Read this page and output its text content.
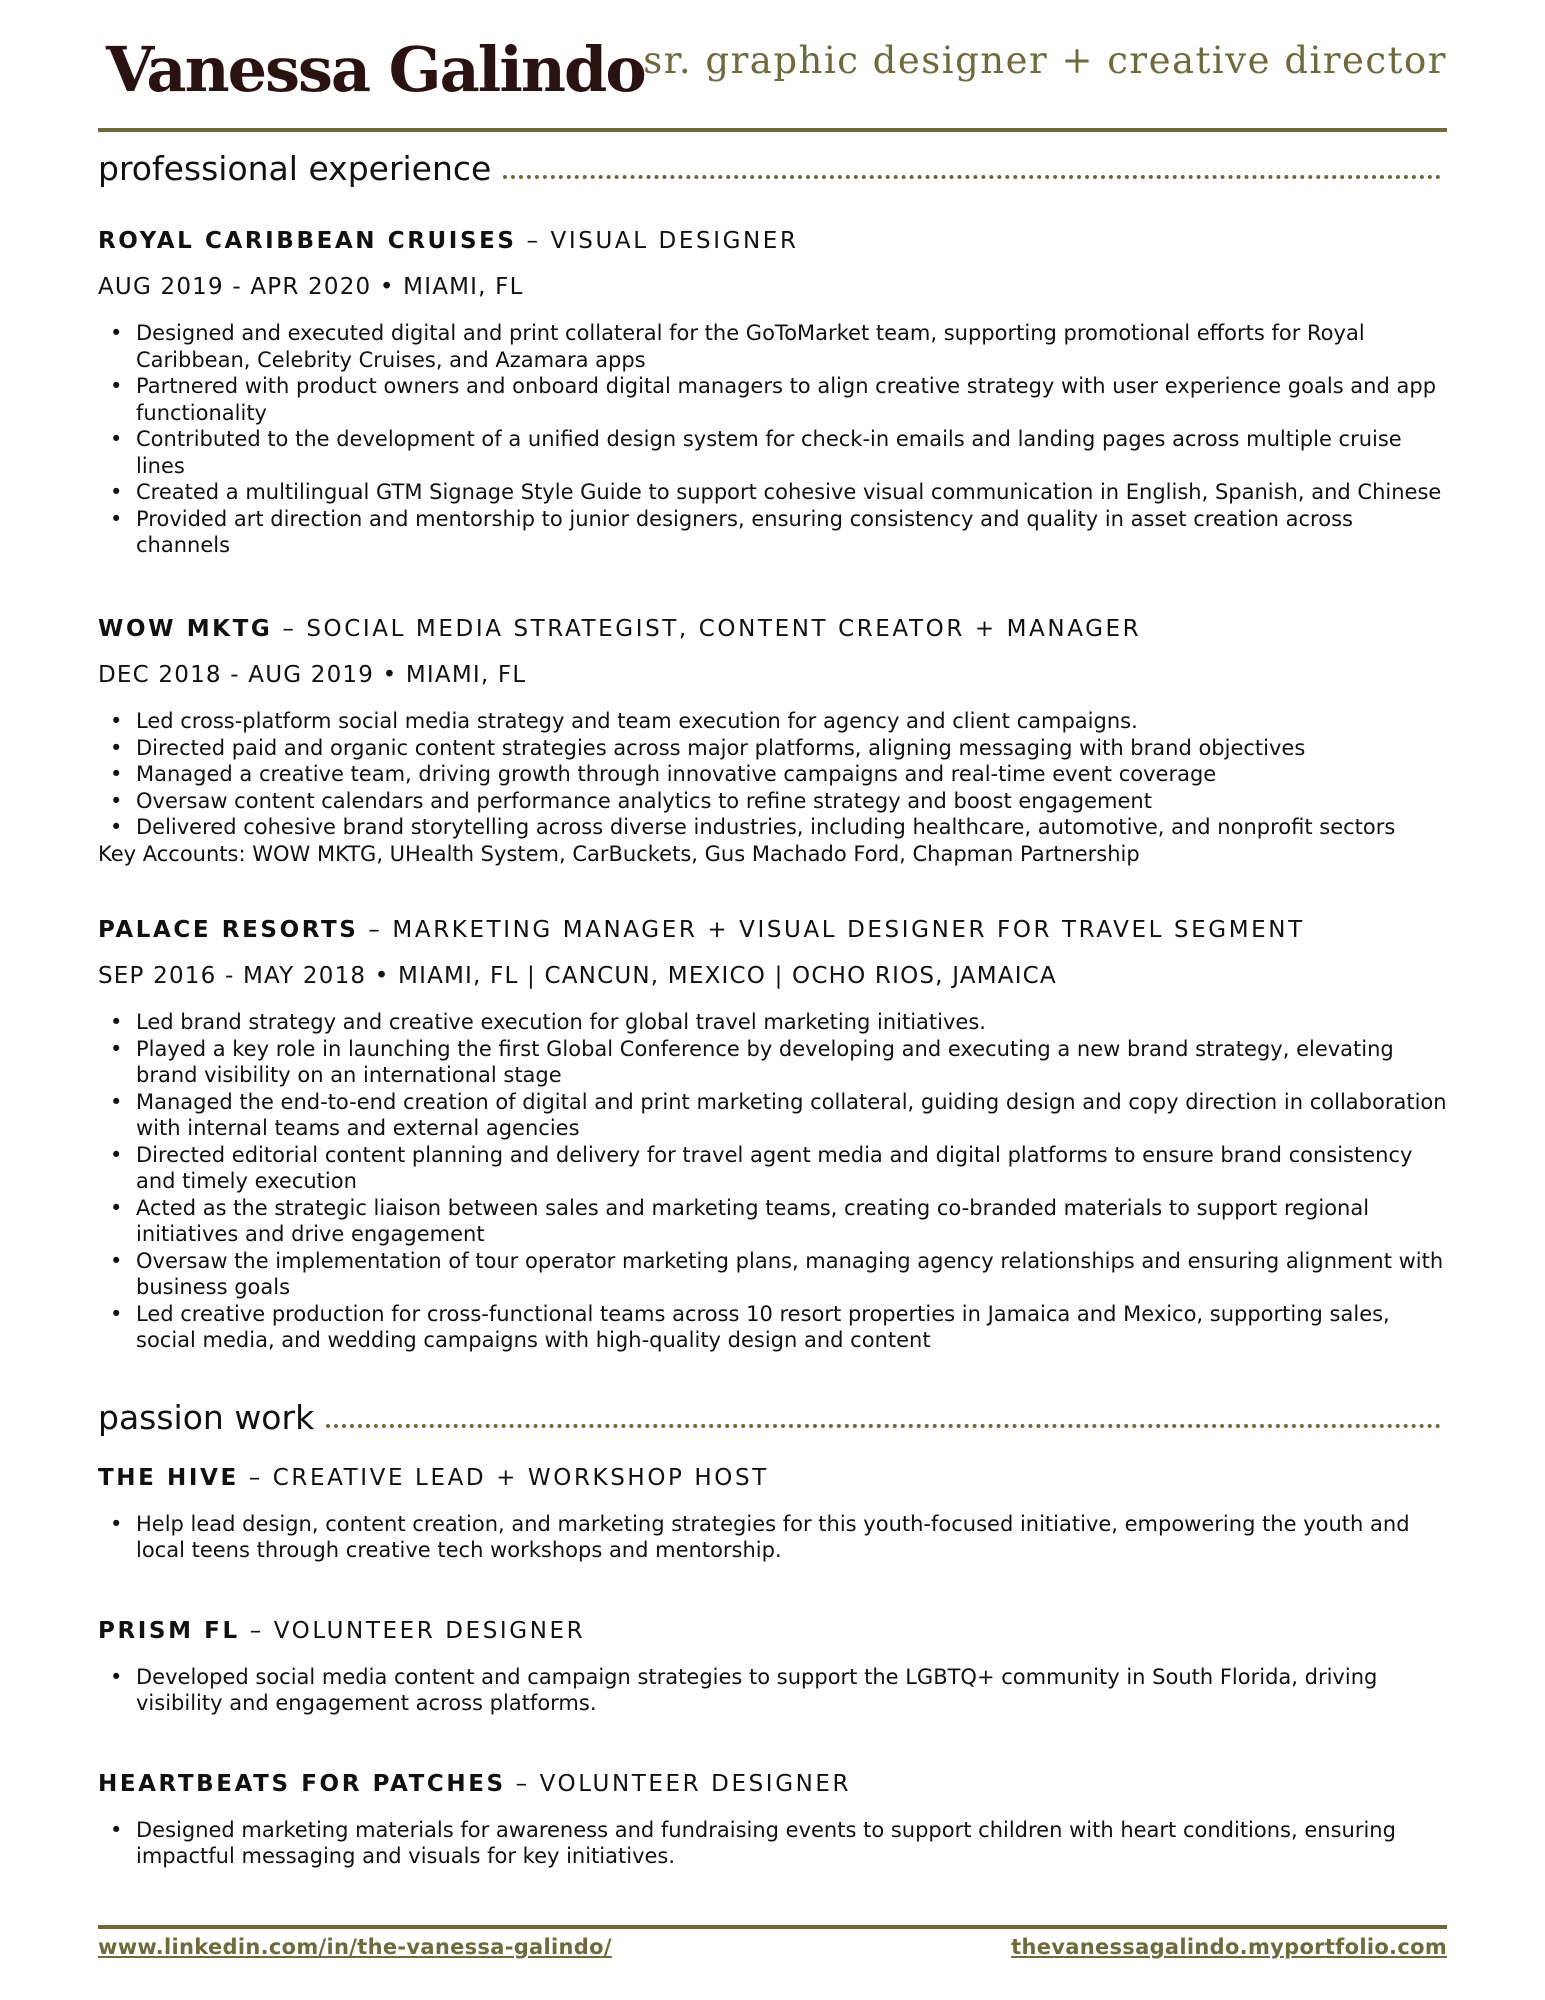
Vanessa Galindo

sr. graphic designer + creative director

professional experience
ROYAL CARIBBEAN CRUISES – VISUAL DESIGNER
AUG 2019 - APR 2020 • MIAMI, FL
• Designed and executed digital and print collateral for the GoToMarket team, supporting promotional efforts for Royal Caribbean, Celebrity Cruises, and Azamara apps
• Partnered with product owners and onboard digital managers to align creative strategy with user experience goals and app functionality
• Contributed to the development of a unified design system for check-in emails and landing pages across multiple cruise lines
• Created a multilingual GTM Signage Style Guide to support cohesive visual communication in English, Spanish, and Chinese
• Provided art direction and mentorship to junior designers, ensuring consistency and quality in asset creation across channels
WOW MKTG – SOCIAL MEDIA STRATEGIST, CONTENT CREATOR + MANAGER
DEC 2018 - AUG 2019 • MIAMI, FL
• Led cross-platform social media strategy and team execution for agency and client campaigns.
• Directed paid and organic content strategies across major platforms, aligning messaging with brand objectives
• Managed a creative team, driving growth through innovative campaigns and real-time event coverage
• Oversaw content calendars and performance analytics to refine strategy and boost engagement
• Delivered cohesive brand storytelling across diverse industries, including healthcare, automotive, and nonprofit sectors
Key Accounts: WOW MKTG, UHealth System, CarBuckets, Gus Machado Ford, Chapman Partnership
PALACE RESORTS – MARKETING MANAGER + VISUAL DESIGNER FOR TRAVEL SEGMENT
SEP 2016 - MAY 2018 • MIAMI, FL | CANCUN, MEXICO | OCHO RIOS, JAMAICA
• Led brand strategy and creative execution for global travel marketing initiatives.
• Played a key role in launching the first Global Conference by developing and executing a new brand strategy, elevating brand visibility on an international stage
• Managed the end-to-end creation of digital and print marketing collateral, guiding design and copy direction in collaboration with internal teams and external agencies
• Directed editorial content planning and delivery for travel agent media and digital platforms to ensure brand consistency and timely execution
• Acted as the strategic liaison between sales and marketing teams, creating co-branded materials to support regional initiatives and drive engagement
• Oversaw the implementation of tour operator marketing plans, managing agency relationships and ensuring alignment with business goals
• Led creative production for cross-functional teams across 10 resort properties in Jamaica and Mexico, supporting sales, social media, and wedding campaigns with high-quality design and content
passion work
THE HIVE – CREATIVE LEAD + WORKSHOP HOST
• Help lead design, content creation, and marketing strategies for this youth-focused initiative, empowering the youth and local teens through creative tech workshops and mentorship.
PRISM FL – VOLUNTEER DESIGNER
• Developed social media content and campaign strategies to support the LGBTQ+ community in South Florida, driving visibility and engagement across platforms.
HEARTBEATS FOR PATCHES – VOLUNTEER DESIGNER
• Designed marketing materials for awareness and fundraising events to support children with heart conditions, ensuring impactful messaging and visuals for key initiatives.
www.linkedin.com/in/the-vanessa-galindo/	thevanessagalindo.myportfolio.com
